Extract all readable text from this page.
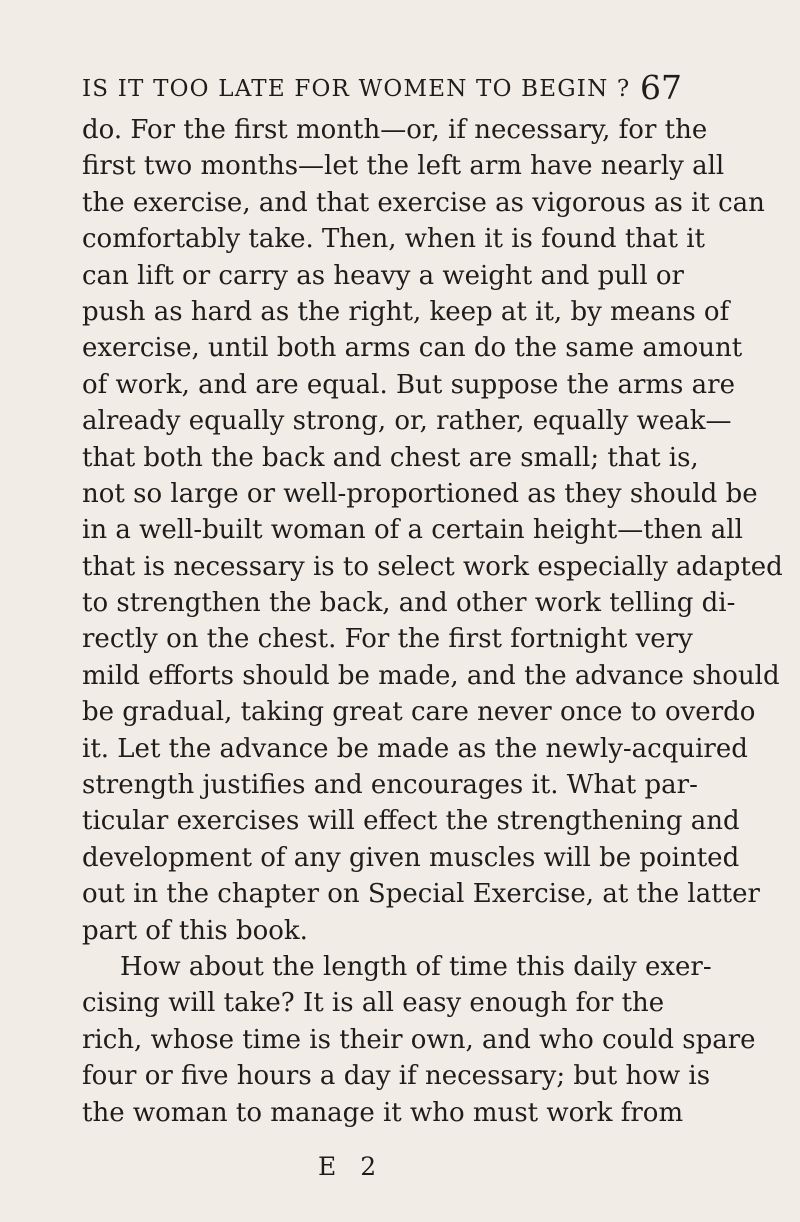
IS IT TOO LATE FOR WOMEN TO BEGIN ? 67
do. For the first month—or, if necessary, for the
first two months—let the left arm have nearly all
the exercise, and that exercise as vigorous as it can
comfortably take. Then, when it is found that it
can lift or carry as heavy a weight and pull or
push as hard as the right, keep at it, by means of
exercise, until both arms can do the same amount
of work, and are equal. But suppose the arms are
already equally strong, or, rather, equally weak—
that both the back and chest are small; that is,
not so large or well-proportioned as they should be
in a well-built woman of a certain height—then all
that is necessary is to select work especially adapted
to strengthen the back, and other work telling di-
rectly on the chest. For the first fortnight very
mild efforts should be made, and the advance should
be gradual, taking great care never once to overdo
it. Let the advance be made as the newly-acquired
strength justifies and encourages it. What par-
ticular exercises will effect the strengthening and
development of any given muscles will be pointed
out in the chapter on Special Exercise, at the latter
part of this book.
How about the length of time this daily exer-
cising will take? It is all easy enough for the
rich, whose time is their own, and who could spare
four or five hours a day if necessary; but how is
the woman to manage it who must work from
E 2
